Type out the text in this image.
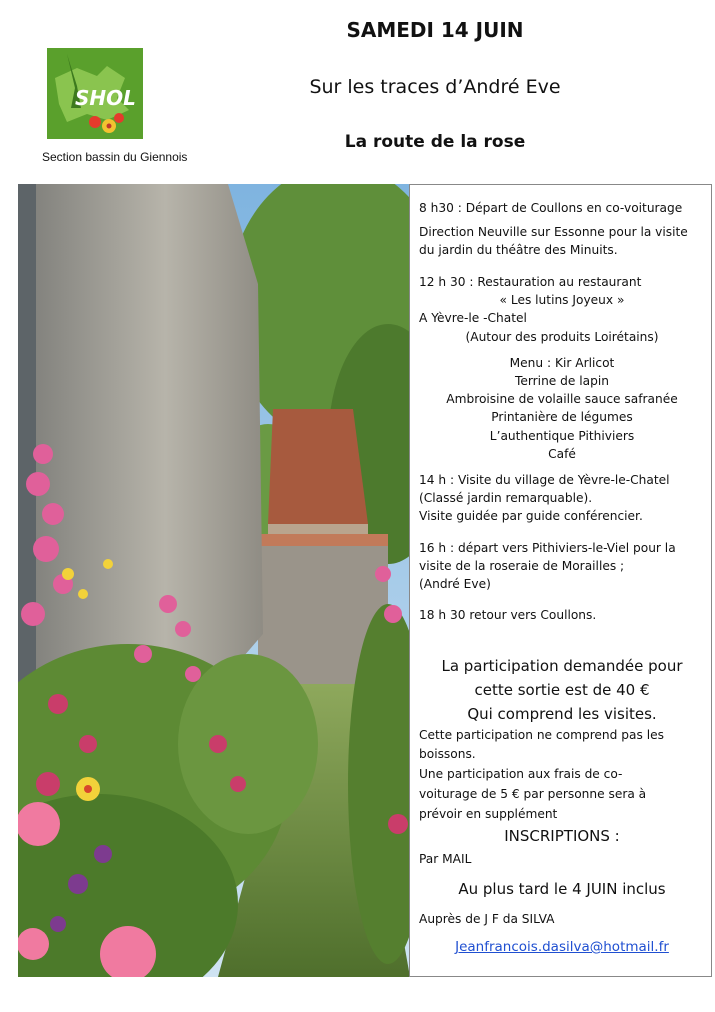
SHOL
Section bassin du Giennois
SAMEDI 14 JUIN
Sur les traces d’André Eve
La route de la rose
8 h30 : Départ de Coullons en co-voiturage
Direction Neuville sur Essonne pour la visite
du jardin du théâtre des Minuits.
12 h 30 : Restauration au restaurant
« Les lutins Joyeux »
A Yèvre-le -Chatel
(Autour des produits Loirétains)
Menu : Kir Arlicot
Terrine de lapin
Ambroisine de volaille sauce safranée
Printanière de légumes
L’authentique Pithiviers
Café
14 h : Visite du village de Yèvre-le-Chatel
(Classé jardin remarquable).
Visite guidée par guide conférencier.
16 h : départ vers Pithiviers-le-Viel pour la
visite de la roseraie de Morailles ;
(André Eve)
18 h 30 retour vers Coullons.
La participation demandée pour
cette sortie est de 40 €
Qui comprend les visites.
Cette participation ne comprend pas les
boissons.
Une participation aux frais de co-
voiturage de 5 € par personne sera à
prévoir en supplément
INSCRIPTIONS :
Par MAIL
Au plus tard le 4 JUIN inclus
Auprès de J F da SILVA
Jeanfrancois.dasilva@hotmail.fr
